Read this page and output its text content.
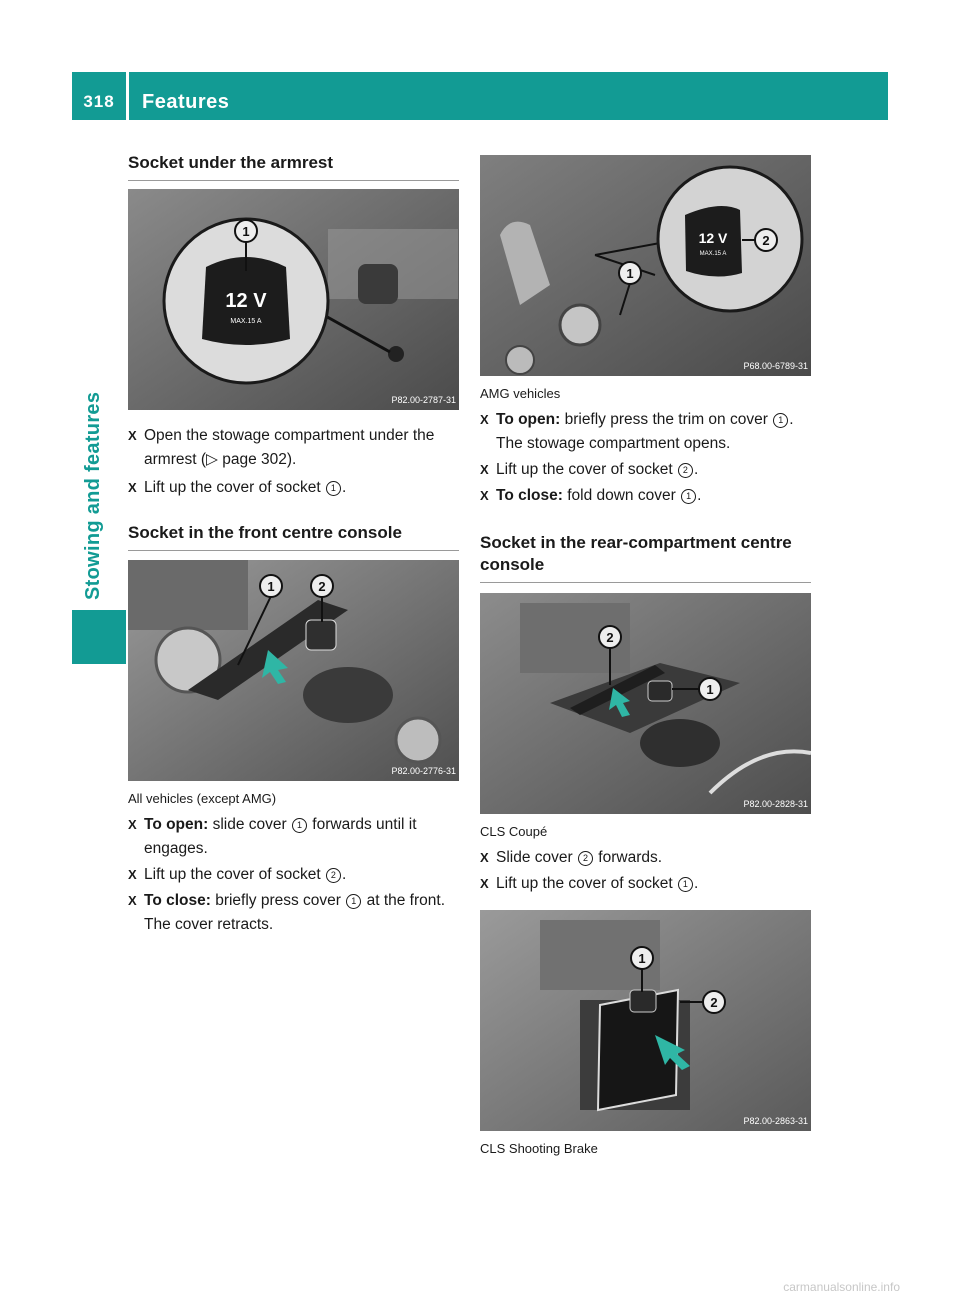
318	Features
Stowing and features
Socket under the armrest
12 V
MAX.15 A
1
P82.00-2787-31
X Open the stowage compartment under the armrest (▷ page 302).
X Lift up the cover of socket 1 .
Socket in the front centre console
1	2
P82.00-2776-31

All vehicles (except AMG)

X To open: slide cover 1 forwards until it engages.
X Lift up the cover of socket 2 .
X To close: briefly press cover 1 at the front.
The cover retracts.
12 V
MAX.15 A
2
1
P68.00-6789-31

AMG vehicles

X To open: briefly press the trim on cover 1 .
The stowage compartment opens.
X Lift up the cover of socket 2 .
X To close: fold down cover 1 .
Socket in the rear-compartment centre console
2
1
P82.00-2828-31

CLS Coupé

X Slide cover 2 forwards.
X Lift up the cover of socket 1 .
1
2
P82.00-2863-31

CLS Shooting Brake

carmanualsonline.info
